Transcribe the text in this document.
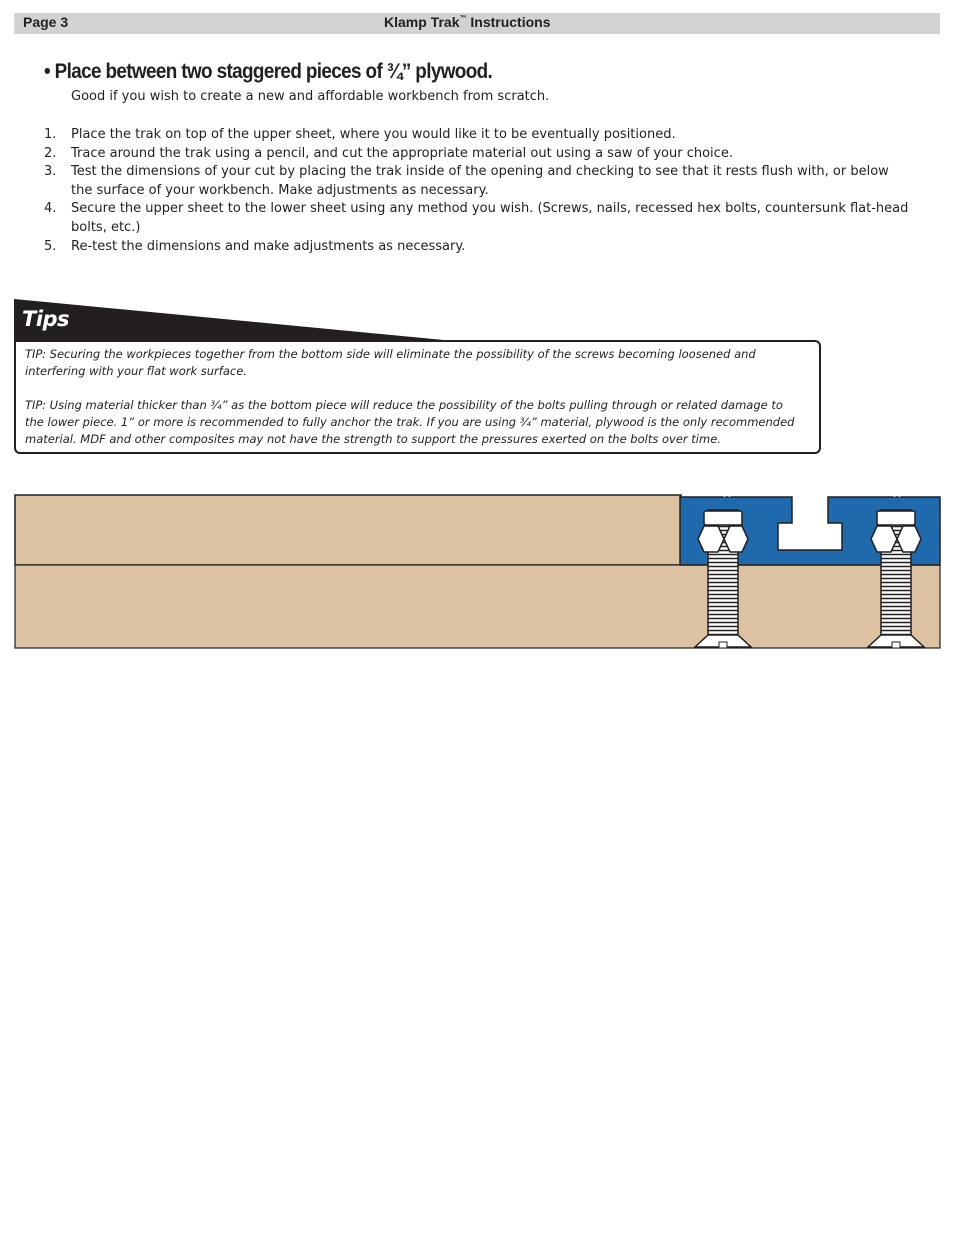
Page 3	Klamp Trak™ Instructions
• Place between two staggered pieces of ¾” plywood.
Good if you wish to create a new and affordable workbench from scratch.
1. Place the trak on top of the upper sheet, where you would like it to be eventually positioned.
2. Trace around the trak using a pencil, and cut the appropriate material out using a saw of your choice.
3. Test the dimensions of your cut by placing the trak inside of the opening and checking to see that it rests flush with, or below the surface of your workbench. Make adjustments as necessary.
4. Secure the upper sheet to the lower sheet using any method you wish. (Screws, nails, recessed hex bolts, countersunk flat-head bolts, etc.)
5. Re-test the dimensions and make adjustments as necessary.
Tips

TIP: Securing the workpieces together from the bottom side will eliminate the possibility of the screws becoming loosened and interfering with your flat work surface.

TIP: Using material thicker than ¾” as the bottom piece will reduce the possibility of the bolts pulling through or related damage to the lower piece. 1” or more is recommended to fully anchor the trak. If you are using ¾” material, plywood is the only recommended material. MDF and other composites may not have the strength to support the pressures exerted on the bolts over time.
